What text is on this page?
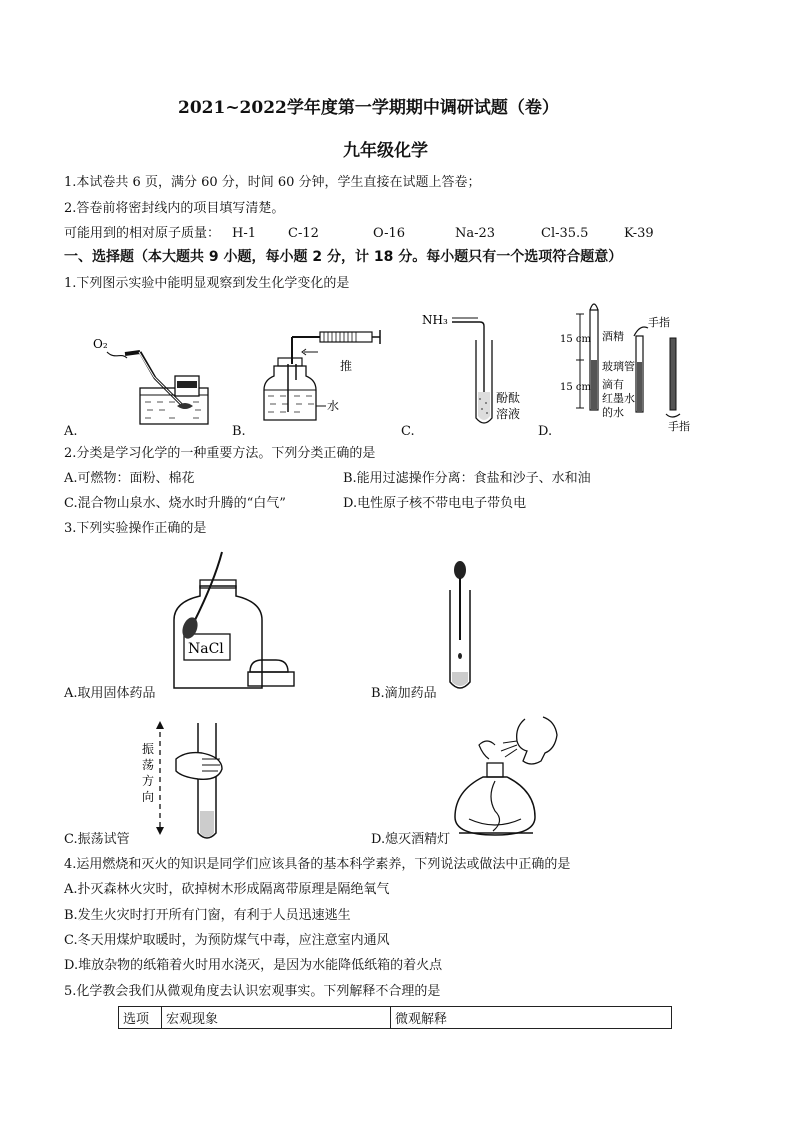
2021~2022学年度第一学期期中调研试题（卷）
九年级化学
1.本试卷共 6 页，满分 60 分，时间 60 分钟，学生直接在试题上答卷；
2.答卷前将密封线内的项目填写清楚。
可能用到的相对原子质量： H-1 C-12	O-16	Na-23	Cl-35.5	K-39
一、选择题（本大题共 9 小题，每小题 2 分，计 18 分。每小题只有一个选项符合题意）
1.下列图示实验中能明显观察到发生化学变化的是
O₂
A.
推
水
B.
NH₃
酚酞
溶液
C.
15 cm
15 cm
酒精
玻璃管
滴有
红墨水
的水
手指
手指
D.
2.分类是学习化学的一种重要方法。下列分类正确的是
A.可燃物：面粉、棉花	B.能用过滤操作分离：食盐和沙子、水和油
C.混合物山泉水、烧水时升腾的“白气”	D.电性原子核不带电电子带负电
3.下列实验操作正确的是
NaCl
A.取用固体药品	B.滴加药品
振
荡
方
向
C.振荡试管	D.熄灭酒精灯
4.运用燃烧和灭火的知识是同学们应该具备的基本科学素养，下列说法或做法中正确的是
A.扑灭森林火灾时，砍掉树木形成隔离带原理是隔绝氧气
B.发生火灾时打开所有门窗，有利于人员迅速逃生
C.冬天用煤炉取暖时，为预防煤气中毒，应注意室内通风
D.堆放杂物的纸箱着火时用水浇灭，是因为水能降低纸箱的着火点
5.化学教会我们从微观角度去认识宏观事实。下列解释不合理的是
选项	宏观现象	微观解释
